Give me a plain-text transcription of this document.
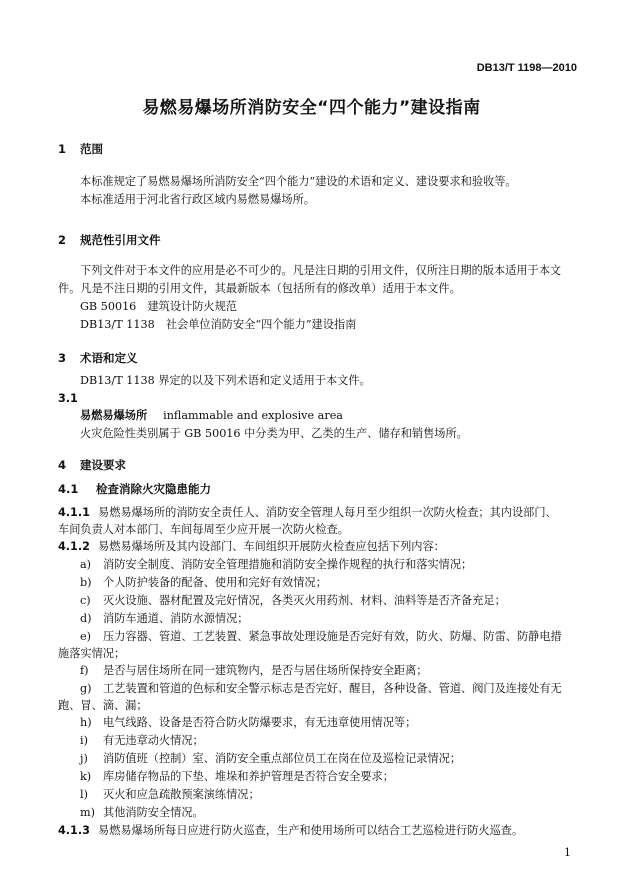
DB13/T 1198—2010
易燃易爆场所消防安全“四个能力”建设指南
1 范围
本标准规定了易燃易爆场所消防安全“四个能力”建设的术语和定义、建设要求和验收等。
本标准适用于河北省行政区域内易燃易爆场所。
2 规范性引用文件
下列文件对于本文件的应用是必不可少的。凡是注日期的引用文件，仅所注日期的版本适用于本文
件。凡是不注日期的引用文件，其最新版本（包括所有的修改单）适用于本文件。
GB 50016　建筑设计防火规范
DB13/T 1138　社会单位消防安全“四个能力”建设指南
3 术语和定义
DB13/T 1138 界定的以及下列术语和定义适用于本文件。
3.1
易燃易爆场所 inflammable and explosive area
火灾危险性类别属于 GB 50016 中分类为甲、乙类的生产、储存和销售场所。
4 建设要求
4.1 检查消除火灾隐患能力
4.1.1 易燃易爆场所的消防安全责任人、消防安全管理人每月至少组织一次防火检查；其内设部门、
车间负责人对本部门、车间每周至少应开展一次防火检查。
4.1.2 易燃易爆场所及其内设部门、车间组织开展防火检查应包括下列内容：
a) 消防安全制度、消防安全管理措施和消防安全操作规程的执行和落实情况；
b) 个人防护装备的配备、使用和完好有效情况；
c) 灭火设施、器材配置及完好情况，各类灭火用药剂、材料、油料等是否齐备充足；
d) 消防车通道、消防水源情况；
e) 压力容器、管道、工艺装置、紧急事故处理设施是否完好有效，防火、防爆、防雷、防静电措
施落实情况；
f) 是否与居住场所在同一建筑物内，是否与居住场所保持安全距离；
g) 工艺装置和管道的色标和安全警示标志是否完好、醒目，各种设备、管道、阀门及连接处有无
跑、冒、滴、漏；
h) 电气线路、设备是否符合防火防爆要求，有无违章使用情况等；
i) 有无违章动火情况；
j) 消防值班（控制）室、消防安全重点部位员工在岗在位及巡检记录情况；
k) 库房储存物品的下垫、堆垛和养护管理是否符合安全要求；
l) 灭火和应急疏散预案演练情况；
m) 其他消防安全情况。
4.1.3 易燃易爆场所每日应进行防火巡查，生产和使用场所可以结合工艺巡检进行防火巡查。
1
